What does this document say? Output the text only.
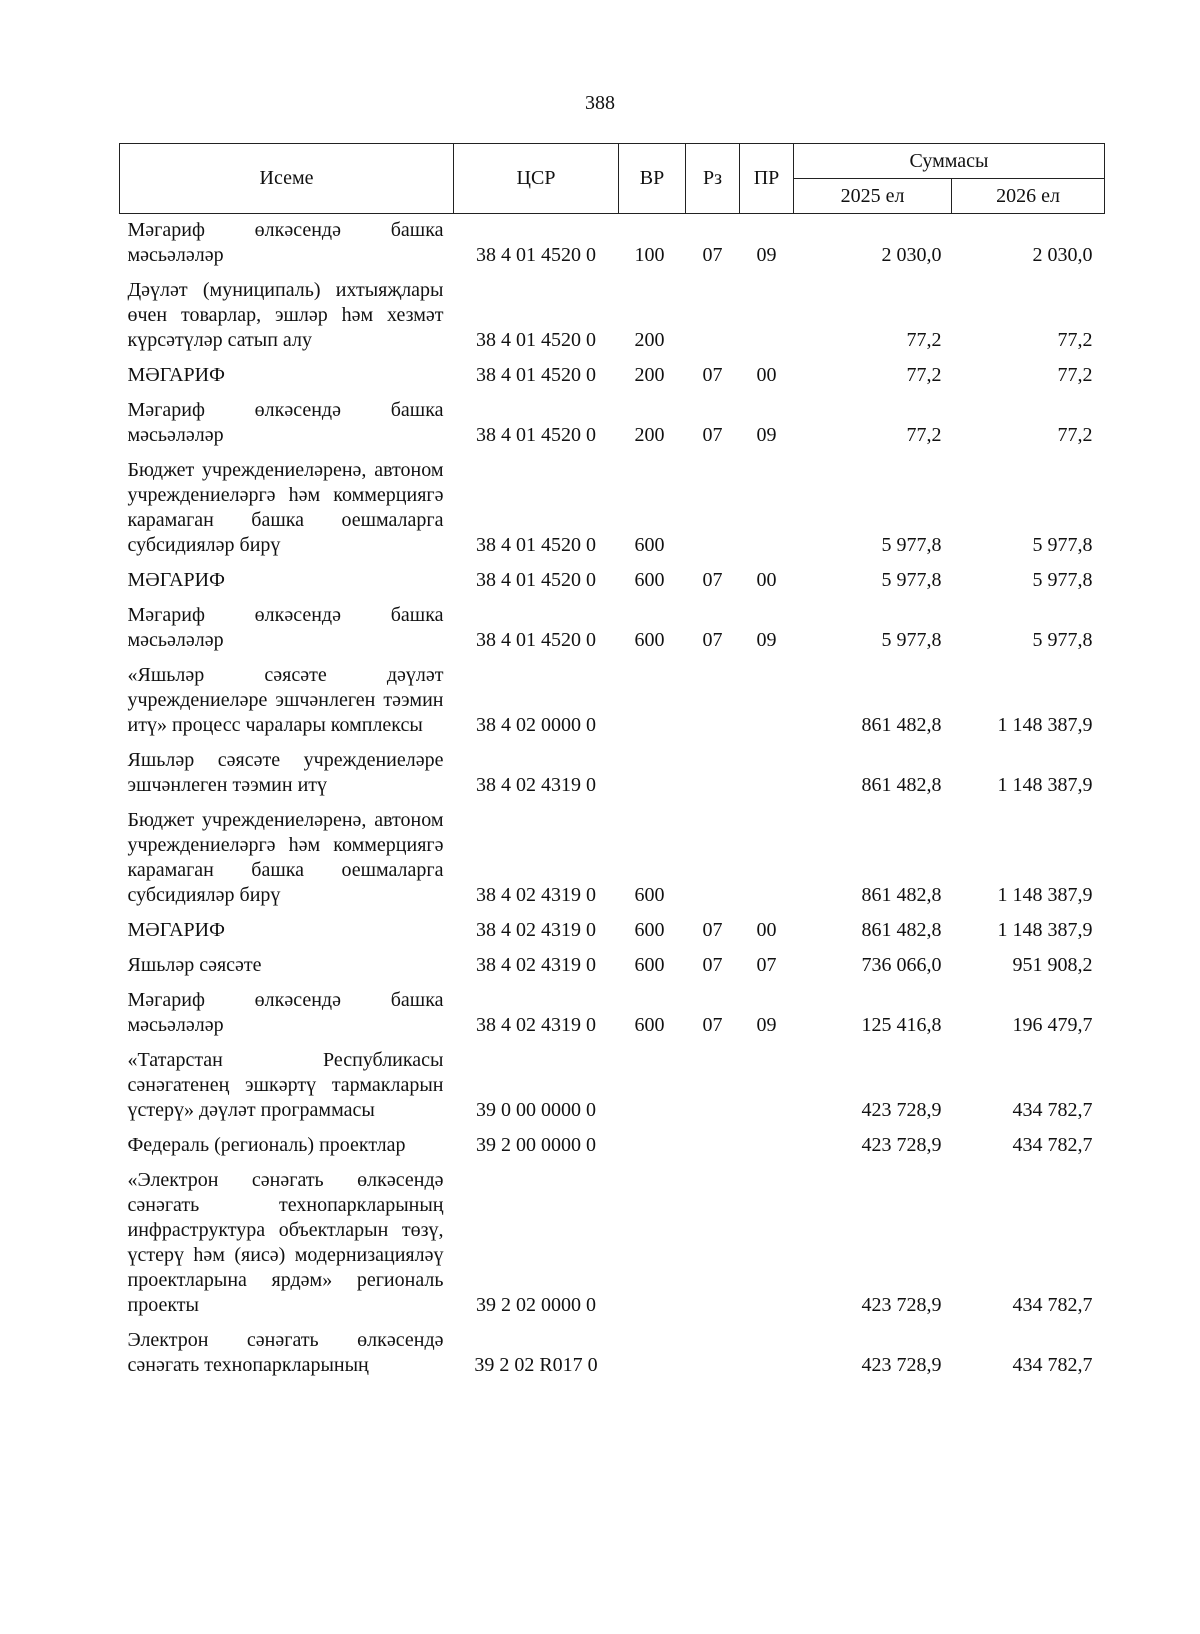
388
Исеме	ЦСР	ВР	Рз	ПР	Суммасы	
					2025 ел	2026 ел
Мәгариф өлкәсендә башка мәсьәләләр	38 4 01 4520 0	100	07	09	2 030,0	2 030,0
Дәүләт (муниципаль) ихтыяҗлары өчен товарлар, эшләр һәм хезмәт күрсәтүләр сатып алу	38 4 01 4520 0	200			77,2	77,2
МӘГАРИФ	38 4 01 4520 0	200	07	00	77,2	77,2
Мәгариф өлкәсендә башка мәсьәләләр	38 4 01 4520 0	200	07	09	77,2	77,2
Бюджет учреждениеләренә, автоном учреждениеләргә һәм коммерциягә карамаган башка оешмаларга субсидияләр бирү	38 4 01 4520 0	600			5 977,8	5 977,8
МӘГАРИФ	38 4 01 4520 0	600	07	00	5 977,8	5 977,8
Мәгариф өлкәсендә башка мәсьәләләр	38 4 01 4520 0	600	07	09	5 977,8	5 977,8
«Яшьләр сәясәте дәүләт учреждениеләре эшчәнлеген тәэмин итү» процесс чаралары комплексы	38 4 02 0000 0				861 482,8	1 148 387,9
Яшьләр сәясәте учреждениеләре эшчәнлеген тәэмин итү	38 4 02 4319 0				861 482,8	1 148 387,9
Бюджет учреждениеләренә, автоном учреждениеләргә һәм коммерциягә карамаган башка оешмаларга субсидияләр бирү	38 4 02 4319 0	600			861 482,8	1 148 387,9
МӘГАРИФ	38 4 02 4319 0	600	07	00	861 482,8	1 148 387,9
Яшьләр сәясәте	38 4 02 4319 0	600	07	07	736 066,0	951 908,2
Мәгариф өлкәсендә башка мәсьәләләр	38 4 02 4319 0	600	07	09	125 416,8	196 479,7
«Татарстан Республикасы сәнәгатенең эшкәртү тармакларын үстерү» дәүләт программасы	39 0 00 0000 0				423 728,9	434 782,7
Федераль (региональ) проектлар	39 2 00 0000 0				423 728,9	434 782,7
«Электрон сәнәгать өлкәсендә сәнәгать технопаркларының инфраструктура объектларын төзү, үстерү һәм (яисә) модернизацияләү проектларына ярдәм» региональ проекты	39 2 02 0000 0				423 728,9	434 782,7
Электрон сәнәгать өлкәсендә сәнәгать технопаркларының	39 2 02 R017 0				423 728,9	434 782,7
